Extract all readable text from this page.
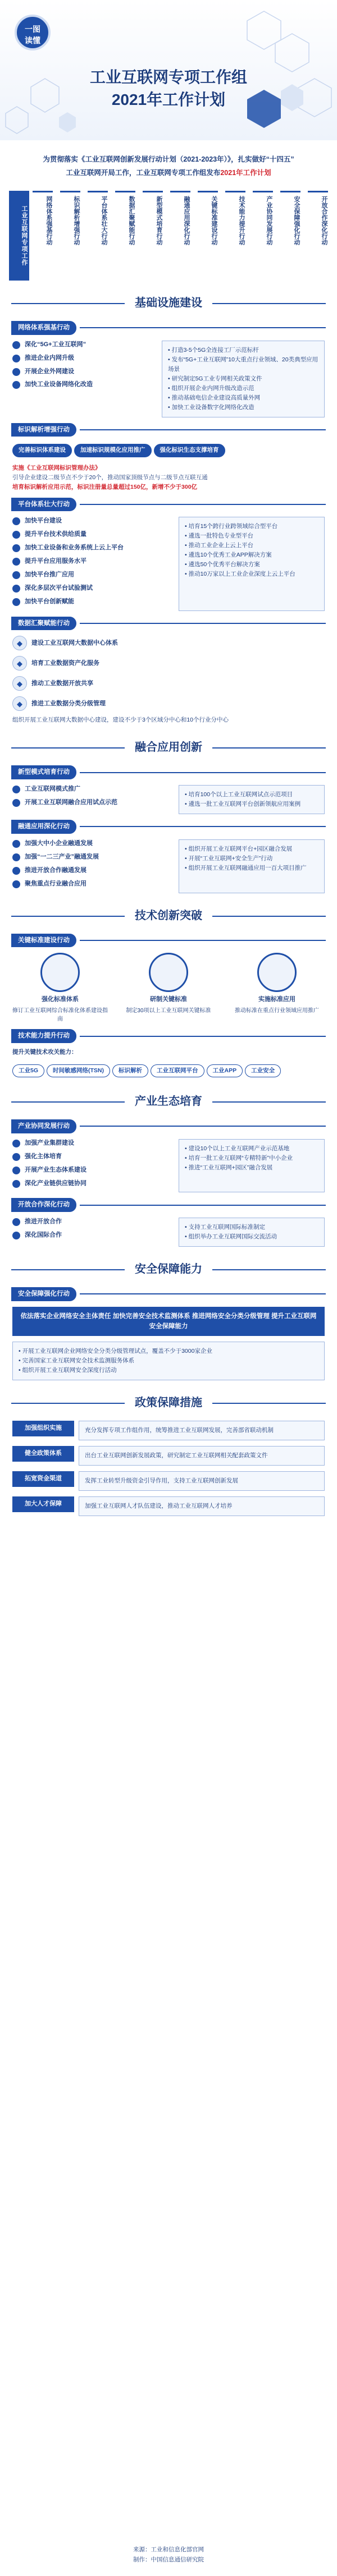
一图
读懂
工业互联网专项工作组
2021年工作计划
为贯彻落实《工业互联网创新发展行动计划（2021-2023年）》，扎实做好“十四五”
工业互联网开局工作，工业互联网专项工作组发布2021年工作计划
工业互联网专项工作	网络体系强基行动	标识解析增强行动	平台体系壮大行动	数据汇聚赋能行动	新型模式培育行动	融通应用深化行动	关键标准建设行动	技术能力提升行动	产业协同发展行动	安全保障强化行动	开放合作深化行动
基础设施建设
网络体系强基行动
深化“5G+工业互联网”
推进企业内网升级
开展企业外网建设
加快工业设备网络化改造
• 打造3-5个5G全连接工厂示范标杆
• 发布“5G+工业互联网”10大重点行业领域、20类典型应用场景
• 研究制定5G工业专网相关政策文件
• 组织开展企业内网升级改造示范
• 推动基础电信企业建设高质量外网
• 加快工业设备数字化网络化改造
标识解析增强行动
完善标识体系建设	加速标识规模化应用推广	强化标识生态支撑培育
实施《工业互联网标识管理办法》
引导企业建设二级节点不少于20个，推动国家顶级节点与二级节点互联互通
培育标识解析应用示范，标识注册量总量超过150亿，新增不少于300亿
平台体系壮大行动
加快平台建设
提升平台技术供给质量
加快工业设备和业务系统上云上平台
提升平台应用服务水平
加快平台推广应用
深化多层次平台试验测试
加快平台创新赋能
• 培育15个跨行业跨领域综合型平台
• 遴选一批特色专业型平台
• 推动工业企业上云上平台
• 遴选10个优秀工业APP解决方案
• 遴选50个优秀平台解决方案
• 推动10万家以上工业企业深度上云上平台
数据汇聚赋能行动
◆	建设工业互联网大数据中心体系
◆	培育工业数据资产化服务
◆	推动工业数据开放共享
◆	推进工业数据分类分级管理
组织开展工业互联网大数据中心建设，建设不少于3个区域分中心和10个行业分中心
融合应用创新
新型模式培育行动
工业互联网模式推广
开展工业互联网融合应用试点示范
• 培育100个以上工业互联网试点示范项目
• 遴选一批工业互联网平台创新领航应用案例
融通应用深化行动
加强大中小企业融通发展
加强“一二三产业”融通发展
推进开放合作融通发展
聚焦重点行业融合应用
• 组织开展工业互联网平台+园区融合发展
• 开展“工业互联网+安全生产”行动
• 组织开展工业互联网融通应用一百大项目推广
技术创新突破
关键标准建设行动
强化标准体系
修订工业互联网综合标准化体系建设指南
研制关键标准
制定30项以上工业互联网关键标准
实施标准应用
推动标准在重点行业领域应用推广
技术能力提升行动
提升关键技术攻关能力：
工业5G	时间敏感网络(TSN)	标识解析	工业互联网平台	工业APP	工业安全
产业生态培育
产业协同发展行动
加强产业集群建设
强化主体培育
开展产业生态体系建设
深化产业链供应链协同
• 建设10个以上工业互联网产业示范基地
• 培育一批工业互联网“专精特新”中小企业
• 推进“工业互联网+园区”融合发展
开放合作深化行动
推进开放合作
深化国际合作
• 支持工业互联网国际标准制定
• 组织举办工业互联网国际交流活动
安全保障能力
安全保障强化行动
依法落实企业网络安全主体责任 加快完善安全技术监测体系 推进网络安全分类分级管理 提升工业互联网安全保障能力
• 开展工业互联网企业网络安全分类分级管理试点，覆盖不少于3000家企业
• 完善国家工业互联网安全技术监测服务体系
• 组织开展工业互联网安全深度行活动
政策保障措施
加强组织实施	充分发挥专项工作组作用，统筹推进工业互联网发展，完善部省联动机制
健全政策体系	出台工业互联网创新发展政策，研究制定工业互联网相关配套政策文件
拓宽资金渠道	发挥工业转型升级资金引导作用，支持工业互联网创新发展
加大人才保障	加强工业互联网人才队伍建设，推动工业互联网人才培养
来源：工业和信息化部官网
制作：中国信息通信研究院
